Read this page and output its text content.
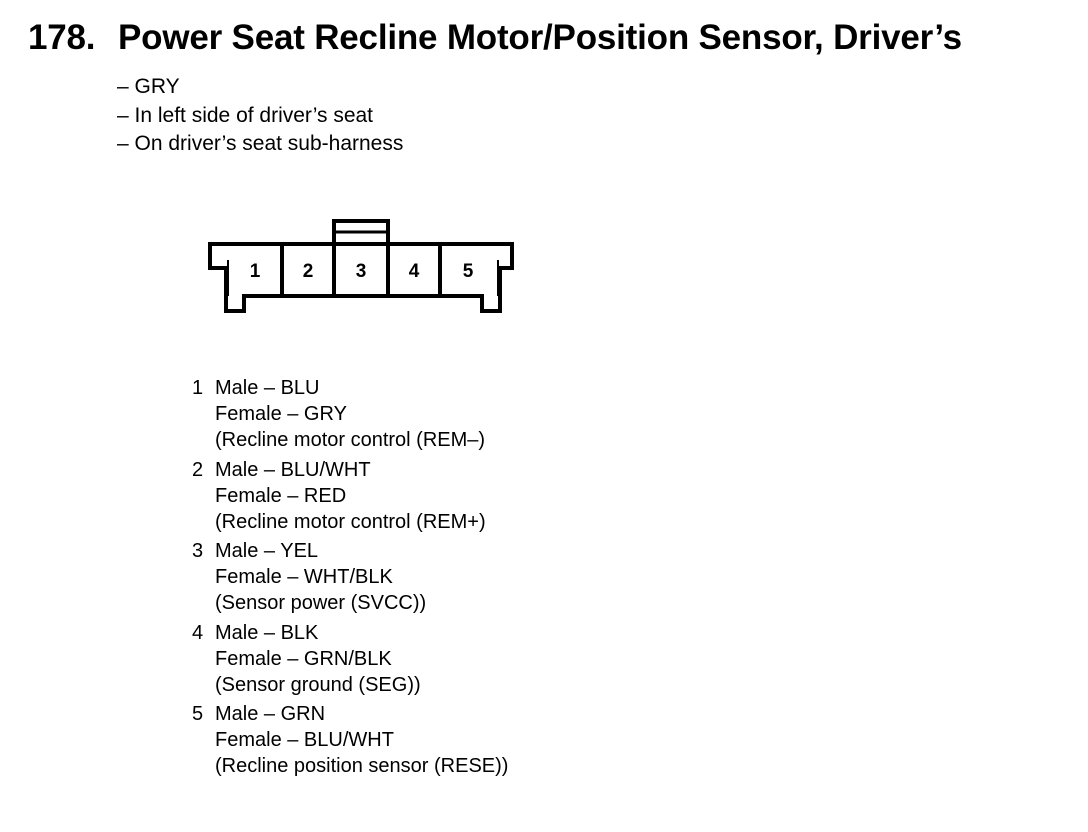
178. Power Seat Recline Motor/Position Sensor, Driver’s
– GRY
– In left side of driver’s seat
– On driver’s seat sub-harness
1 2 3 4 5
1 Male – BLU
Female – GRY
(Recline motor control (REM–)
2 Male – BLU/WHT
Female – RED
(Recline motor control (REM+)
3 Male – YEL
Female – WHT/BLK
(Sensor power (SVCC))
4 Male – BLK
Female – GRN/BLK
(Sensor ground (SEG))
5 Male – GRN
Female – BLU/WHT
(Recline position sensor (RESE))
